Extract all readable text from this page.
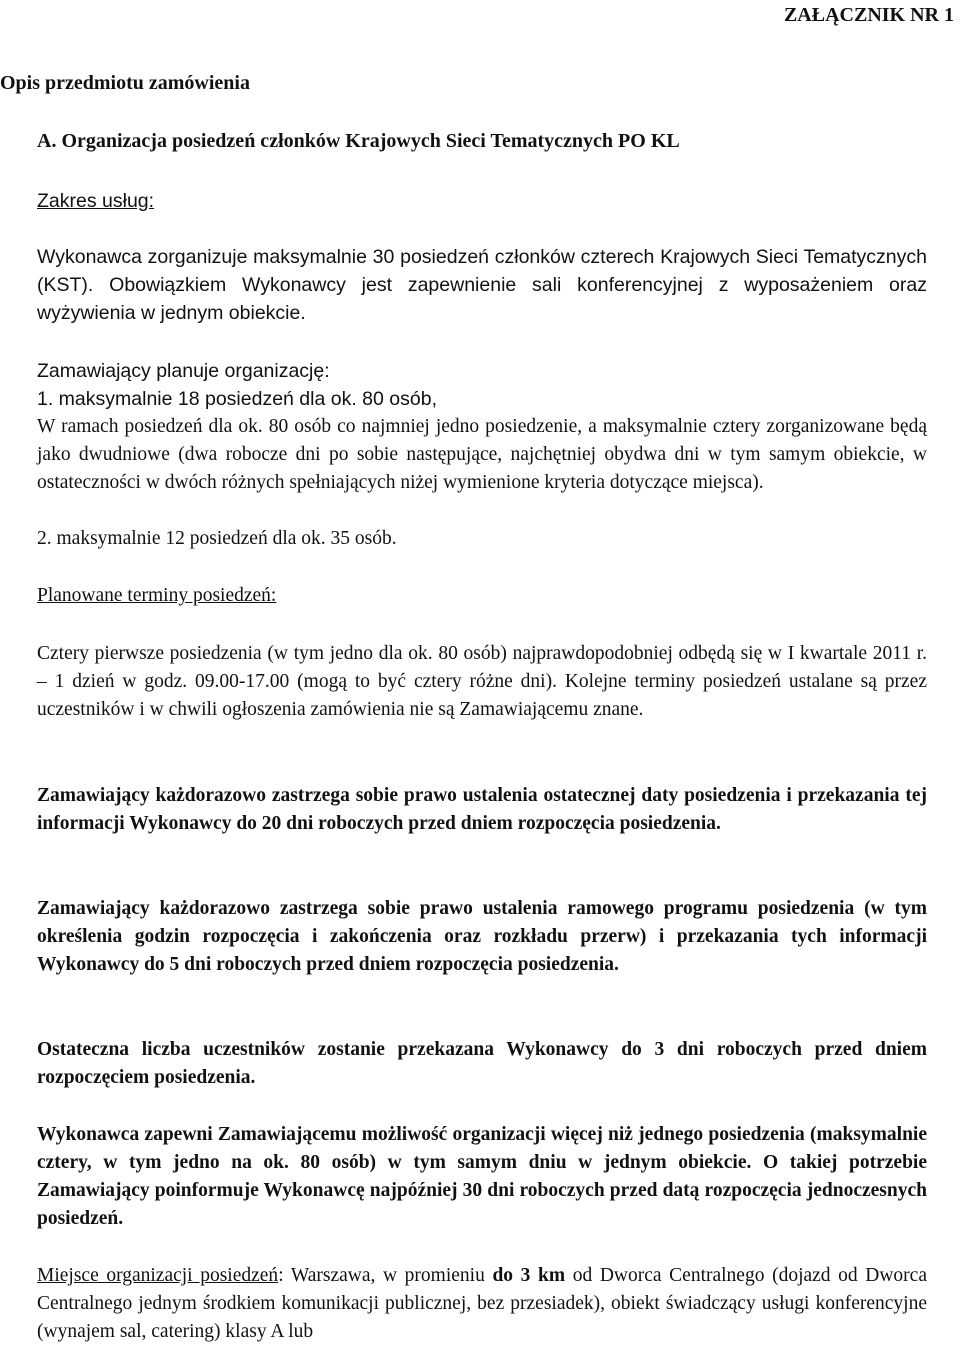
ZAŁĄCZNIK NR 1
Opis przedmiotu zamówienia
A. Organizacja posiedzeń członków Krajowych Sieci Tematycznych PO KL

Zakres usług:

Wykonawca zorganizuje maksymalnie 30 posiedzeń członków czterech Krajowych Sieci Tematycznych (KST). Obowiązkiem Wykonawcy jest zapewnienie sali konferencyjnej z wyposażeniem oraz wyżywienia w jednym obiekcie.

Zamawiający planuje organizację:

1. maksymalnie 18 posiedzeń dla ok. 80 osób,

W ramach posiedzeń dla ok. 80 osób co najmniej jedno posiedzenie, a maksymalnie cztery zorganizowane będą jako dwudniowe (dwa robocze dni po sobie następujące, najchętniej obydwa dni w tym samym obiekcie, w ostateczności w dwóch różnych spełniających niżej wymienione kryteria dotyczące miejsca).

2. maksymalnie 12 posiedzeń dla ok. 35 osób.

Planowane terminy posiedzeń:

Cztery pierwsze posiedzenia (w tym jedno dla ok. 80 osób) najprawdopodobniej odbędą się w I kwartale 2011 r. – 1 dzień w godz. 09.00-17.00 (mogą to być cztery różne dni). Kolejne terminy posiedzeń ustalane są przez uczestników i w chwili ogłoszenia zamówienia nie są Zamawiającemu znane.

Zamawiający każdorazowo zastrzega sobie prawo ustalenia ostatecznej daty posiedzenia i przekazania tej informacji Wykonawcy do 20 dni roboczych przed dniem rozpoczęcia posiedzenia.

Zamawiający każdorazowo zastrzega sobie prawo ustalenia ramowego programu posiedzenia (w tym określenia godzin rozpoczęcia i zakończenia oraz rozkładu przerw) i przekazania tych informacji Wykonawcy do 5 dni roboczych przed dniem rozpoczęcia posiedzenia.

Ostateczna liczba uczestników zostanie przekazana Wykonawcy do 3 dni roboczych przed dniem rozpoczęciem posiedzenia.

Wykonawca zapewni Zamawiającemu możliwość organizacji więcej niż jednego posiedzenia (maksymalnie cztery, w tym jedno na ok. 80 osób) w tym samym dniu w jednym obiekcie. O takiej potrzebie Zamawiający poinformuje Wykonawcę najpóźniej 30 dni roboczych przed datą rozpoczęcia jednoczesnych posiedzeń.

Miejsce organizacji posiedzeń: Warszawa, w promieniu do 3 km od Dworca Centralnego (dojazd od Dworca Centralnego jednym środkiem komunikacji publicznej, bez przesiadek), obiekt świadczący usługi konferencyjne (wynajem sal, catering) klasy A lub
